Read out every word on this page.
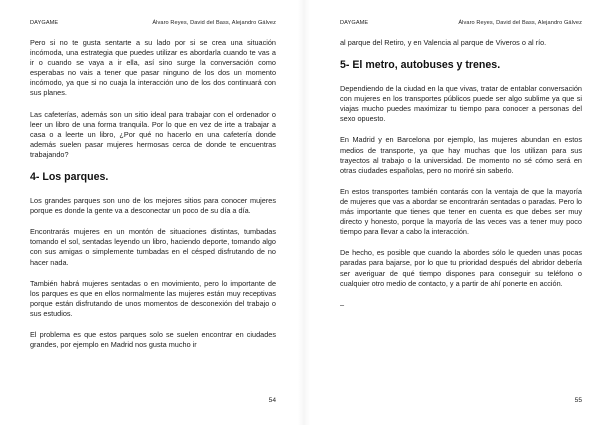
DAYGAME	Álvaro Reyes, David del Bass, Alejandro Gálvez

Pero si no te gusta sentarte a su lado por si se crea una situación incómoda, una estrategia que puedes utilizar es abordarla cuando te vas a ir o cuando se vaya a ir ella, así sino surge la conversación como esperabas no vais a tener que pasar ninguno de los dos un momento incómodo, ya que si no cuaja la interacción uno de los dos continuará con sus planes.

Las cafeterías, además son un sitio ideal para trabajar con el ordenador o leer un libro de una forma tranquila. Por lo que en vez de irte a trabajar a casa o a leerte un libro, ¿Por qué no hacerlo en una cafetería donde además suelen pasar mujeres hermosas cerca de donde te encuentras trabajando?

4- Los parques.

Los grandes parques son uno de los mejores sitios para conocer mujeres porque es donde la gente va a desconectar un poco de su día a día.

Encontrarás mujeres en un montón de situaciones distintas, tumbadas tomando el sol, sentadas leyendo un libro, haciendo deporte, tomando algo con sus amigas o simplemente tumbadas en el césped disfrutando de no hacer nada.

También habrá mujeres sentadas o en movimiento, pero lo importante de los parques es que en ellos normalmente las mujeres están muy receptivas porque están disfrutando de unos momentos de desconexión del trabajo o sus estudios.

El problema es que estos parques solo se suelen encontrar en ciudades grandes, por ejemplo en Madrid nos gusta mucho ir

54
DAYGAME	Álvaro Reyes, David del Bass, Alejandro Gálvez

al parque del Retiro, y en Valencia al parque de Viveros o al río.

5- El metro, autobuses y trenes.

Dependiendo de la ciudad en la que vivas, tratar de entablar conversación con mujeres en los transportes públicos puede ser algo sublime ya que si viajas mucho puedes maximizar tu tiempo para conocer a personas del sexo opuesto.

En Madrid y en Barcelona por ejemplo, las mujeres abundan en estos medios de transporte, ya que hay muchas que los utilizan para sus trayectos al trabajo o la universidad. De momento no sé cómo será en otras ciudades españolas, pero no moriré sin saberlo.

En estos transportes también contarás con la ventaja de que la mayoría de mujeres que vas a abordar se encontrarán sentadas o paradas. Pero lo más importante que tienes que tener en cuenta es que debes ser muy directo y honesto, porque la mayoría de las veces vas a tener muy poco tiempo para llevar a cabo la interacción.

De hecho, es posible que cuando la abordes sólo le queden unas pocas paradas para bajarse, por lo que tu prioridad después del abridor debería ser averiguar de qué tiempo dispones para conseguir su teléfono o cualquier otro medio de contacto, y a partir de ahí ponerte en acción.

–

55
